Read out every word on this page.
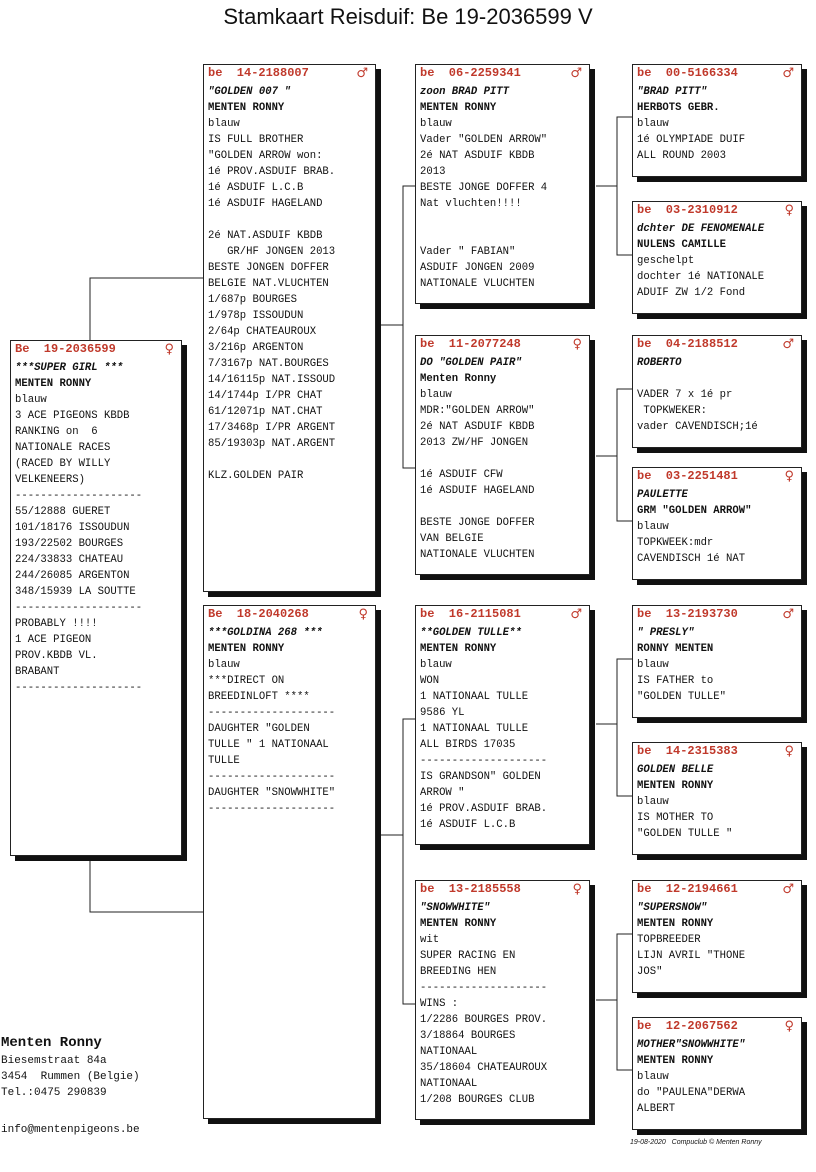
Stamkaart Reisduif: Be 19-2036599 V
Be  19-2036599	♀
***SUPER GIRL ***
MENTEN RONNY
blauw
3 ACE PIGEONS KBDB
RANKING on  6
NATIONALE RACES
(RACED BY WILLY
VELKENEERS)
--------------------
55/12888 GUERET
101/18176 ISSOUDUN
193/22502 BOURGES
224/33833 CHATEAU
244/26085 ARGENTON
348/15939 LA SOUTTE
--------------------
PROBABLY !!!!
1 ACE PIGEON
PROV.KBDB VL.
BRABANT
--------------------
be  14-2188007	♂
"GOLDEN 007 "
MENTEN RONNY
blauw
IS FULL BROTHER
"GOLDEN ARROW won:
1é PROV.ASDUIF BRAB.
1é ASDUIF L.C.B
1é ASDUIF HAGELAND
2é NAT.ASDUIF KBDB
GR/HF JONGEN 2013
BESTE JONGEN DOFFER
BELGIE NAT.VLUCHTEN
1/687p BOURGES
1/978p ISSOUDUN
2/64p CHATEAUROUX
3/216p ARGENTON
7/3167p NAT.BOURGES
14/16115p NAT.ISSOUD
14/1744p I/PR CHAT
61/12071p NAT.CHAT
17/3468p I/PR ARGENT
85/19303p NAT.ARGENT
KLZ.GOLDEN PAIR
Be  18-2040268	♀
***GOLDINA 268 ***
MENTEN RONNY
blauw
***DIRECT ON
BREEDINLOFT ****
--------------------
DAUGHTER "GOLDEN
TULLE " 1 NATIONAAL
TULLE
--------------------
DAUGHTER "SNOWWHITE"
--------------------
be  06-2259341	♂
zoon BRAD PITT
MENTEN RONNY
blauw
Vader "GOLDEN ARROW"
2é NAT ASDUIF KBDB
2013
BESTE JONGE DOFFER 4
Nat vluchten!!!!
Vader " FABIAN"
ASDUIF JONGEN 2009
NATIONALE VLUCHTEN
be  11-2077248	♀
DO "GOLDEN PAIR"
Menten Ronny
blauw
MDR:"GOLDEN ARROW"
2é NAT ASDUIF KBDB
2013 ZW/HF JONGEN
1é ASDUIF CFW
1é ASDUIF HAGELAND
BESTE JONGE DOFFER
VAN BELGIE
NATIONALE VLUCHTEN
be  16-2115081	♂
**GOLDEN TULLE**
MENTEN RONNY
blauw
WON
1 NATIONAAL TULLE
9586 YL
1 NATIONAAL TULLE
ALL BIRDS 17035
--------------------
IS GRANDSON" GOLDEN
ARROW "
1é PROV.ASDUIF BRAB.
1é ASDUIF L.C.B
be  13-2185558	♀
"SNOWWHITE"
MENTEN RONNY
wit
SUPER RACING EN
BREEDING HEN
--------------------
WINS :
1/2286 BOURGES PROV.
3/18864 BOURGES
NATIONAAL
35/18604 CHATEAUROUX
NATIONAAL
1/208 BOURGES CLUB
be  00-5166334	♂
"BRAD PITT"
HERBOTS GEBR.
blauw
1é OLYMPIADE DUIF
ALL ROUND 2003
be  03-2310912	♀
dchter DE FENOMENALE
NULENS CAMILLE
geschelpt
dochter 1é NATIONALE
ADUIF ZW 1/2 Fond
be  04-2188512	♂
ROBERTO
VADER 7 x 1é pr
TOPKWEKER:
vader CAVENDISCH;1é
be  03-2251481	♀
PAULETTE
GRM "GOLDEN ARROW"
blauw
TOPKWEEK:mdr
CAVENDISCH 1é NAT
be  13-2193730	♂
" PRESLY"
RONNY MENTEN
blauw
IS FATHER to
"GOLDEN TULLE"
be  14-2315383	♀
GOLDEN BELLE
MENTEN RONNY
blauw
IS MOTHER TO
"GOLDEN TULLE "
be  12-2194661	♂
"SUPERSNOW"
MENTEN RONNY
TOPBREEDER
LIJN AVRIL "THONE
JOS"
be  12-2067562	♀
MOTHER"SNOWWHITE"
MENTEN RONNY
blauw
do "PAULENA"DERWA
ALBERT
Menten Ronny
Biesemstraat 84a
3454  Rummen (Belgie)
Tel.:0475 290839
info@mentenpigeons.be
19-08-2020   Compuclub © Menten Ronny
